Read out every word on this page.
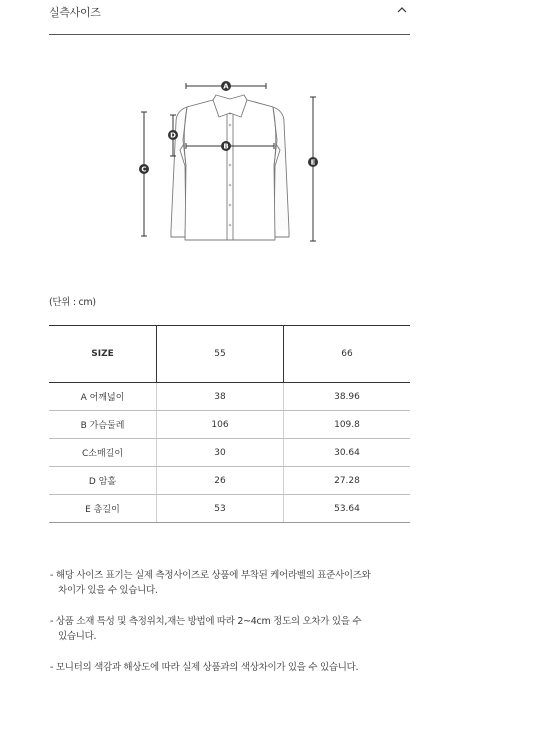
실측사이즈
A
B
C
D
E
(단위 : cm)
SIZE	55	66
A 어깨넓이	38	38.96
B 가슴둘레	106	109.8
C소매길이	30	30.64
D 암홀	26	27.28
E 총길이	53	53.64
- 해당 사이즈 표기는 실제 측정사이즈로 상품에 부착된 케어라벨의 표준사이즈와
차이가 있을 수 있습니다.
- 상품 소재 특성 및 측정위치,재는 방법에 따라 2~4cm 정도의 오차가 있을 수
있습니다.
- 모니터의 색감과 해상도에 따라 실제 상품과의 색상차이가 있을 수 있습니다.
